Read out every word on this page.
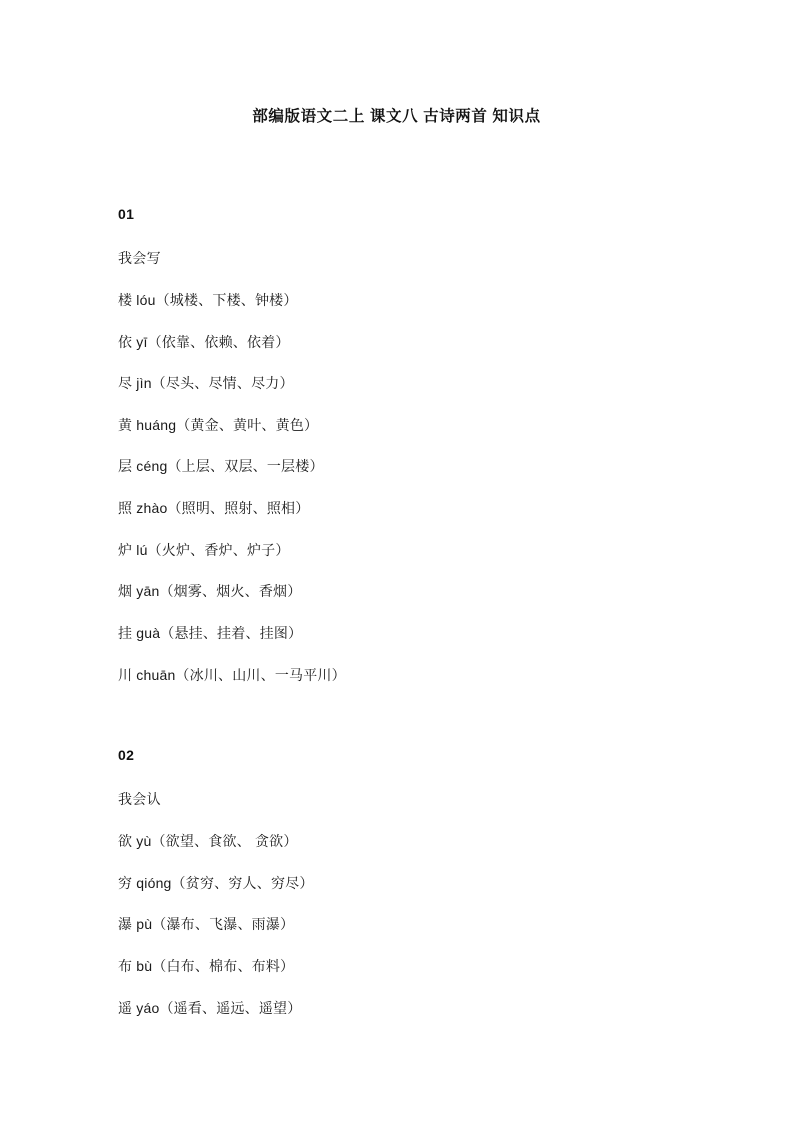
部编版语文二上 课文八 古诗两首 知识点
01
我会写
楼 lóu（城楼、下楼、钟楼）
依 yī（依靠、依赖、依着）
尽 jìn（尽头、尽情、尽力）
黄 huáng（黄金、黄叶、黄色）
层 céng（上层、双层、一层楼）
照 zhào（照明、照射、照相）
炉 lú（火炉、香炉、炉子）
烟 yān（烟雾、烟火、香烟）
挂 guà（悬挂、挂着、挂图）
川 chuān（冰川、山川、一马平川）
02
我会认
欲 yù（欲望、食欲、 贪欲）
穷 qióng（贫穷、穷人、穷尽）
瀑 pù（瀑布、飞瀑、雨瀑）
布 bù（白布、棉布、布料）
遥 yáo（遥看、遥远、遥望）
